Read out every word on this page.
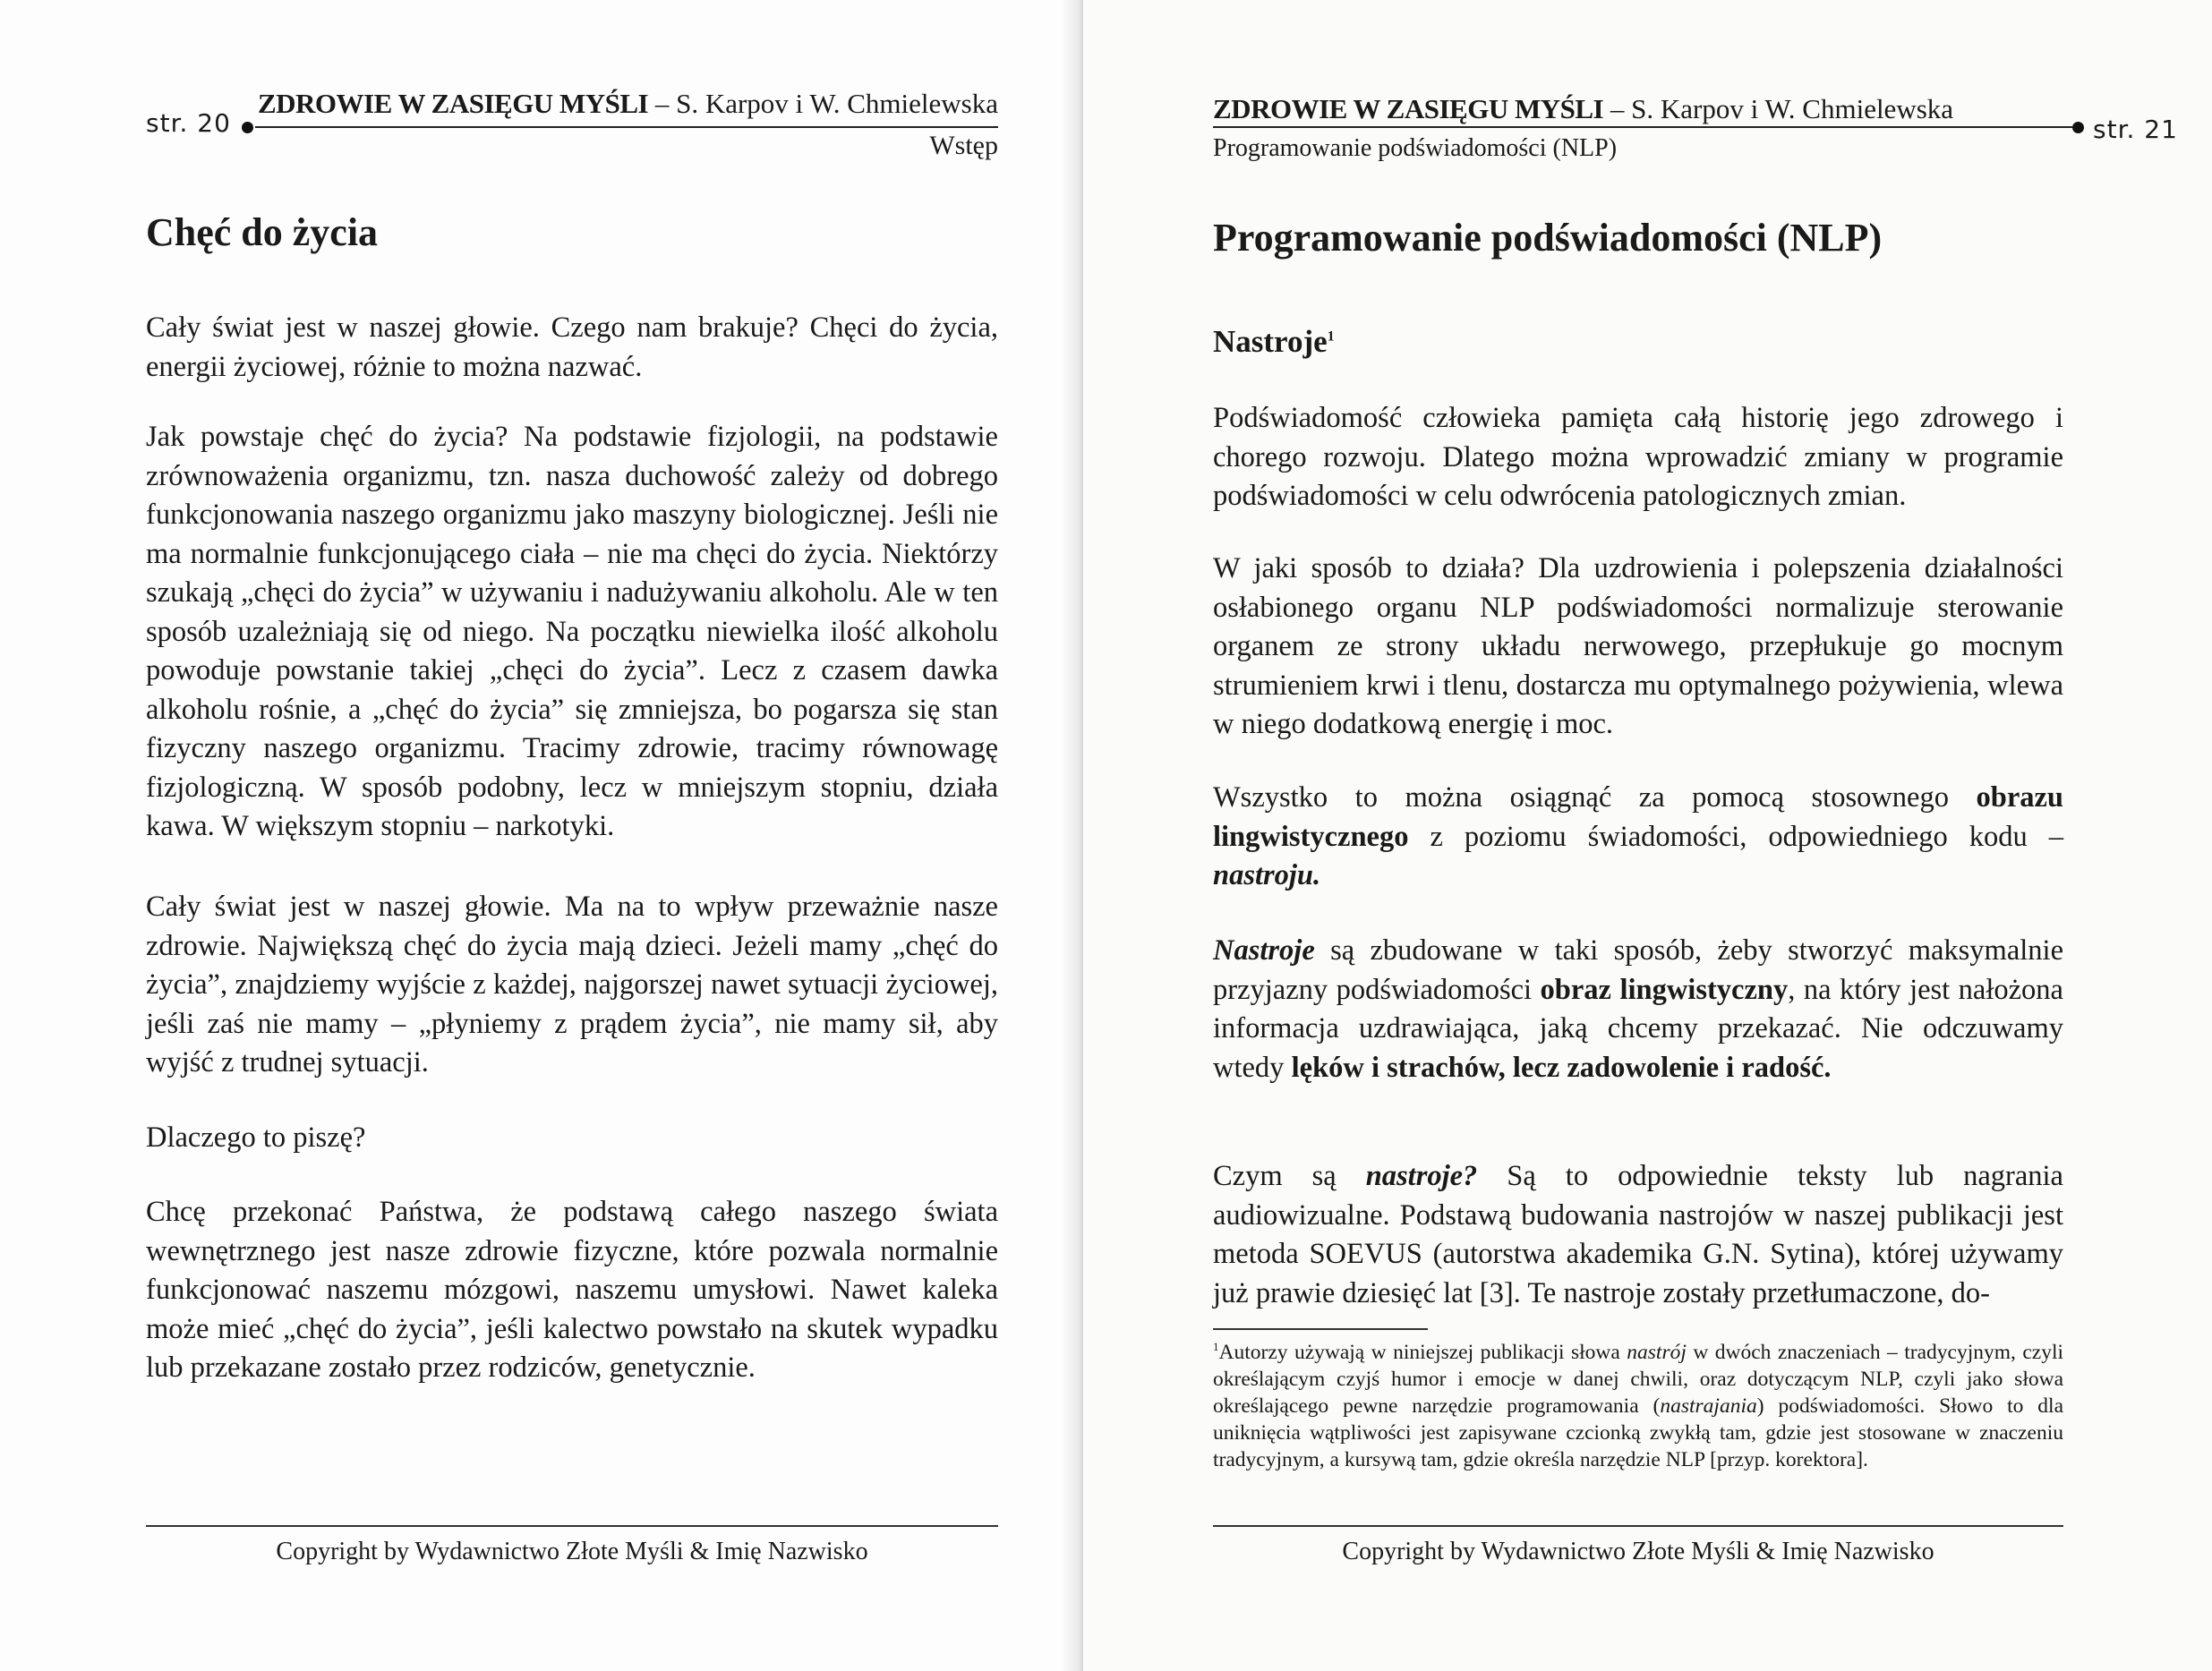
str. 20
ZDROWIE W ZASIĘGU MYŚLI – S. Karpov i W. Chmielewska
Wstęp
Chęć do życia

Cały świat jest w naszej głowie. Czego nam brakuje? Chęci do życia, energii życiowej, różnie to można nazwać.

Jak powstaje chęć do życia? Na podstawie fizjologii, na podstawie zrównoważenia organizmu, tzn. nasza duchowość zależy od dobrego funkcjonowania naszego organizmu jako maszyny biologicznej. Jeśli nie ma normalnie funkcjonującego ciała – nie ma chęci do życia. Niektórzy szukają „chęci do życia” w używaniu i nadużywaniu alkoholu. Ale w ten sposób uzależniają się od niego. Na początku niewielka ilość alkoholu powoduje powstanie takiej „chęci do życia”. Lecz z czasem dawka alkoholu rośnie, a „chęć do życia” się zmniejsza, bo pogarsza się stan fizyczny naszego organizmu. Tracimy zdrowie, tracimy równowagę fizjologiczną. W sposób podobny, lecz w mniejszym stopniu, działa kawa. W większym stopniu – narkotyki.

Cały świat jest w naszej głowie. Ma na to wpływ przeważnie nasze zdrowie. Największą chęć do życia mają dzieci. Jeżeli mamy „chęć do życia”, znajdziemy wyjście z każdej, najgorszej nawet sytuacji życiowej, jeśli zaś nie mamy – „płyniemy z prądem życia”, nie mamy sił, aby wyjść z trudnej sytuacji.

Dlaczego to piszę?

Chcę przekonać Państwa, że podstawą całego naszego świata wewnętrznego jest nasze zdrowie fizyczne, które pozwala normalnie funkcjonować naszemu mózgowi, naszemu umysłowi. Nawet kaleka może mieć „chęć do życia”, jeśli kalectwo powstało na skutek wypadku lub przekazane zostało przez rodziców, genetycznie.

Copyright by Wydawnictwo Złote Myśli & Imię Nazwisko
ZDROWIE W ZASIĘGU MYŚLI – S. Karpov i W. Chmielewska
str. 21
Programowanie podświadomości (NLP)
Programowanie podświadomości (NLP)
Nastroje$^1$

Podświadomość człowieka pamięta całą historię jego zdrowego i chorego rozwoju. Dlatego można wprowadzić zmiany w programie podświadomości w celu odwrócenia patologicznych zmian.

W jaki sposób to działa? Dla uzdrowienia i polepszenia działalności osłabionego organu NLP podświadomości normalizuje sterowanie organem ze strony układu nerwowego, przepłukuje go mocnym strumieniem krwi i tlenu, dostarcza mu optymalnego pożywienia, wlewa w niego dodatkową energię i moc.

Wszystko to można osiągnąć za pomocą stosownego obrazu lingwistycznego z poziomu świadomości, odpowiedniego kodu – nastroju.

Nastroje są zbudowane w taki sposób, żeby stworzyć maksymalnie przyjazny podświadomości obraz lingwistyczny, na który jest nałożona informacja uzdrawiająca, jaką chcemy przekazać. Nie odczuwamy wtedy lęków i strachów, lecz zadowolenie i radość.

Czym są nastroje? Są to odpowiednie teksty lub nagrania audiowizualne. Podstawą budowania nastrojów w naszej publikacji jest metoda SOEVUS (autorstwa akademika G.N. Sytina), której używamy już prawie dziesięć lat [3]. Te nastroje zostały przetłumaczone, do-

$^1$Autorzy używają w niniejszej publikacji słowa nastrój w dwóch znaczeniach – tradycyjnym, czyli określającym czyjś humor i emocje w danej chwili, oraz dotyczącym NLP, czyli jako słowa określającego pewne narzędzie programowania (nastrajania) podświadomości. Słowo to dla uniknięcia wątpliwości jest zapisywane czcionką zwykłą tam, gdzie jest stosowane w znaczeniu tradycyjnym, a kursywą tam, gdzie określa narzędzie NLP [przyp. korektora].

Copyright by Wydawnictwo Złote Myśli & Imię Nazwisko
